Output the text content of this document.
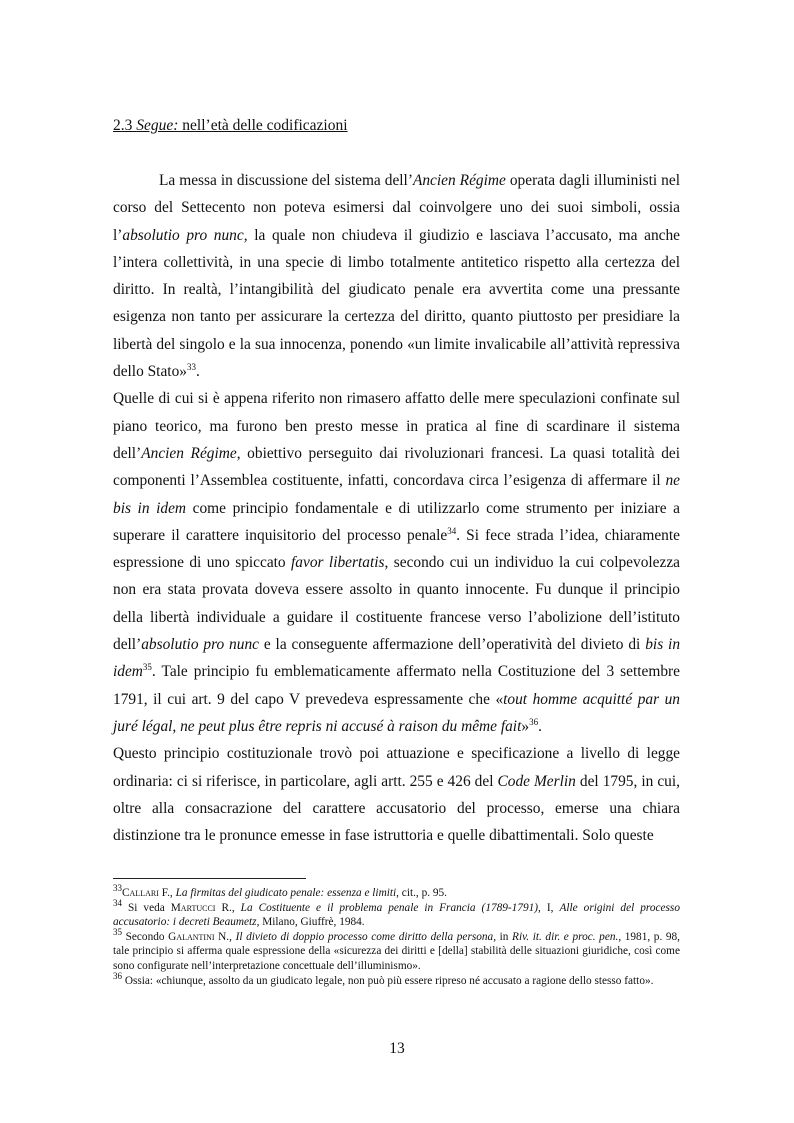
2.3 Segue: nell’età delle codificazioni

La messa in discussione del sistema dell’Ancien Régime operata dagli illuministi nel corso del Settecento non poteva esimersi dal coinvolgere uno dei suoi simboli, ossia l’absolutio pro nunc, la quale non chiudeva il giudizio e lasciava l’accusato, ma anche l’intera collettività, in una specie di limbo totalmente antitetico rispetto alla certezza del diritto. In realtà, l’intangibilità del giudicato penale era avvertita come una pressante esigenza non tanto per assicurare la certezza del diritto, quanto piuttosto per presidiare la libertà del singolo e la sua innocenza, ponendo «un limite invalicabile all’attività repressiva dello Stato»$^{33}$.

Quelle di cui si è appena riferito non rimasero affatto delle mere speculazioni confinate sul piano teorico, ma furono ben presto messe in pratica al fine di scardinare il sistema dell’Ancien Régime, obiettivo perseguito dai rivoluzionari francesi. La quasi totalità dei componenti l’Assemblea costituente, infatti, concordava circa l’esigenza di affermare il ne bis in idem come principio fondamentale e di utilizzarlo come strumento per iniziare a superare il carattere inquisitorio del processo penale$^{34}$. Si fece strada l’idea, chiaramente espressione di uno spiccato favor libertatis, secondo cui un individuo la cui colpevolezza non era stata provata doveva essere assolto in quanto innocente. Fu dunque il principio della libertà individuale a guidare il costituente francese verso l’abolizione dell’istituto dell’absolutio pro nunc e la conseguente affermazione dell’operatività del divieto di bis in idem$^{35}$. Tale principio fu emblematicamente affermato nella Costituzione del 3 settembre 1791, il cui art. 9 del capo V prevedeva espressamente che «tout homme acquitté par un juré légal, ne peut plus être repris ni accusé à raison du même fait»$^{36}$.

Questo principio costituzionale trovò poi attuazione e specificazione a livello di legge ordinaria: ci si riferisce, in particolare, agli artt. 255 e 426 del Code Merlin del 1795, in cui, oltre alla consacrazione del carattere accusatorio del processo, emerse una chiara distinzione tra le pronunce emesse in fase istruttoria e quelle dibattimentali. Solo queste

$^{33}$Callari F., La firmitas del giudicato penale: essenza e limiti, cit., p. 95.

$^{34}$ Si veda Martucci R., La Costituente e il problema penale in Francia (1789-1791), I, Alle origini del processo accusatorio: i decreti Beaumetz, Milano, Giuffrè, 1984.

$^{35}$ Secondo Galantini N., Il divieto di doppio processo come diritto della persona, in Riv. it. dir. e proc. pen., 1981, p. 98, tale principio si afferma quale espressione della «sicurezza dei diritti e [della] stabilità delle situazioni giuridiche, così come sono configurate nell’interpretazione concettuale dell’illuminismo».

$^{36}$ Ossia: «chiunque, assolto da un giudicato legale, non può più essere ripreso né accusato a ragione dello stesso fatto».

13
